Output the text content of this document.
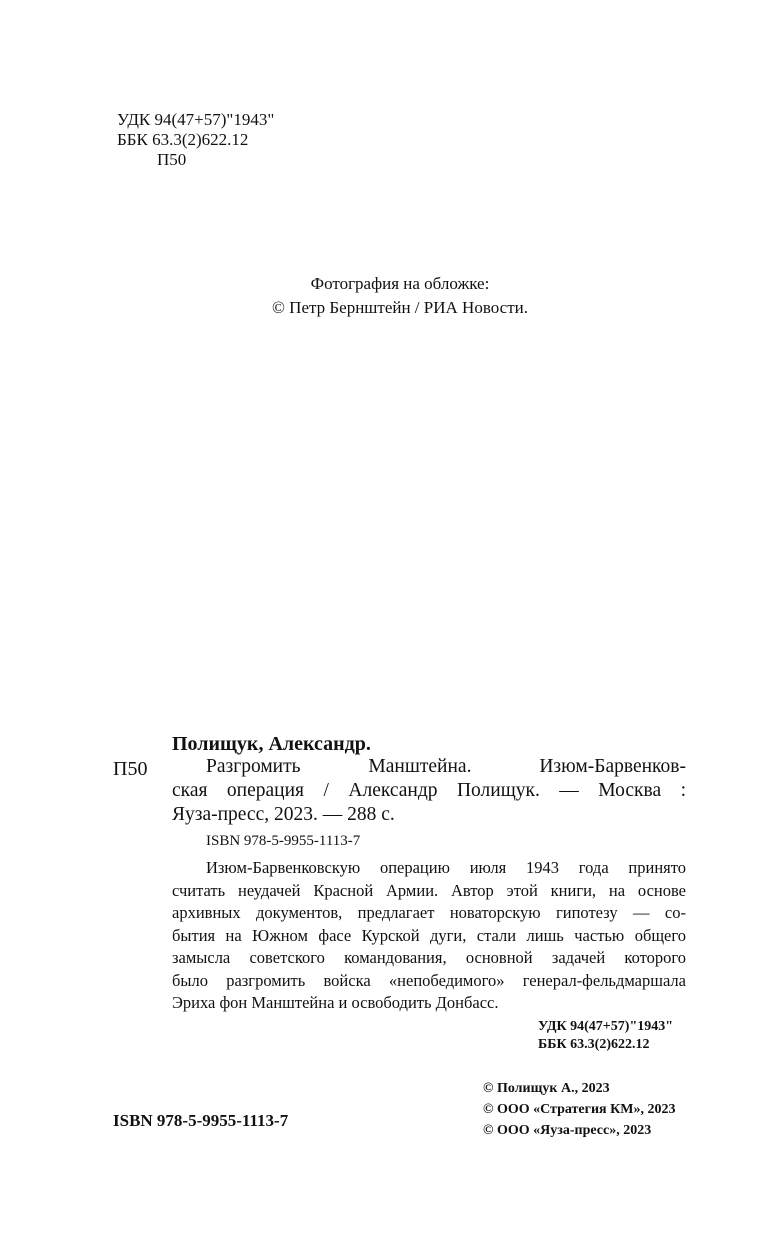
УДК 94(47+57)"1943"
ББК 63.3(2)622.12
П50
Фотография на обложке:
© Петр Бернштейн / РИА Новости.
Полищук, Александр.
П50	Разгромить Манштейна. Изюм-Барвенков-
ская операция / Александр Полищук. — Москва :
Яуза-пресс, 2023. — 288 с.
ISBN 978-5-9955-1113-7
Изюм-Барвенковскую операцию июля 1943 года принято
считать неудачей Красной Армии. Автор этой книги, на основе
архивных документов, предлагает новаторскую гипотезу — со-
бытия на Южном фасе Курской дуги, стали лишь частью общего
замысла советского командования, основной задачей которого
было разгромить войска «непобедимого» генерал-фельдмаршала
Эриха фон Манштейна и освободить Донбасс.
УДК 94(47+57)"1943"
ББК 63.3(2)622.12
© Полищук А., 2023
© ООО «Стратегия КМ», 2023
© ООО «Яуза-пресс», 2023
ISBN 978-5-9955-1113-7
